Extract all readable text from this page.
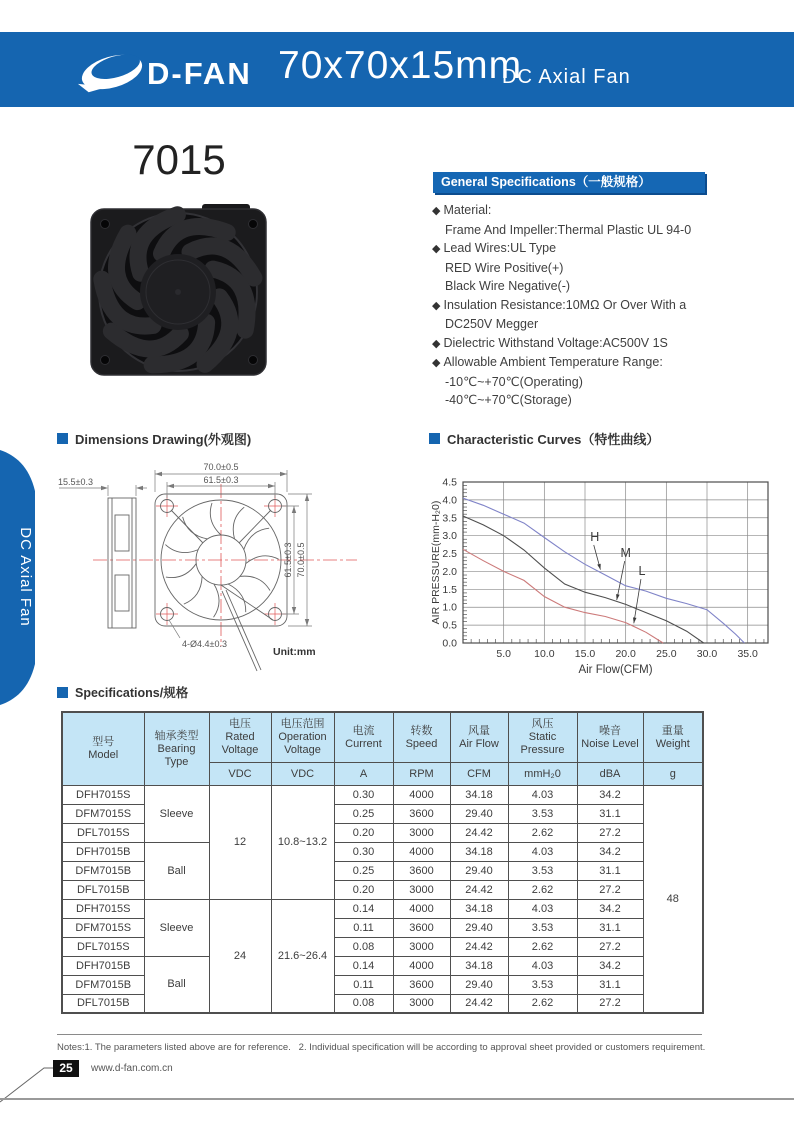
D-FAN 70x70x15mm
DC Axial Fan
DC Axial Fan
7015	General Specifications（一般规格）
◆ Material:
Frame And Impeller:Thermal Plastic UL 94-0
◆ Lead Wires:UL Type
RED Wire Positive(+)
Black Wire Negative(-)
◆ Insulation Resistance:10MΩ Or Over With a
DC250V Megger
◆ Dielectric Withstand Voltage:AC500V 1S
◆ Allowable Ambient Temperature Range:
-10℃~+70℃(Operating)
-40℃~+70℃(Storage)
Dimensions Drawing(外观图)	Characteristic Curves（特性曲线）
70.0±0.5
61.5±0.3
15.5±0.3
61.5±0.3 70.0±0.5
4-Ø4.4±0.3
Unit:mm	5.0 10.0 15.0 20.0 25.0 30.0 35.0
0.0
0.5
1.0
1.5
2.0
2.5
3.0
3.5
4.0
4.5
Air Flow(CFM)
AIR PRESSURE(mm-H₂0)	H
M
L
Specifications/规格
型号
Model

轴承类型
Bearing Type

电压
Rated Voltage

电压范围
Operation Voltage

电流
Current

转数
Speed

风量
Air Flow

风压
Static Pressure

噪音
Noise Level

重量
Weight

		VDC	VDC	A	RPM	CFM	mmH₂0	dBA	g
DFH7015S	Sleeve	12	10.8~13.2	0.30	4000	34.18	4.03	34.2	48
DFM7015S				0.25	3600	29.40	3.53	31.1	
DFL7015S				0.20	3000	24.42	2.62	27.2	
DFH7015B	Ball			0.30	4000	34.18	4.03	34.2	
DFM7015B				0.25	3600	29.40	3.53	31.1	
DFL7015B				0.20	3000	24.42	2.62	27.2	
DFH7015S	Sleeve	24	21.6~26.4	0.14	4000	34.18	4.03	34.2	
DFM7015S				0.11	3600	29.40	3.53	31.1	
DFL7015S				0.08	3000	24.42	2.62	27.2	
DFH7015B	Ball			0.14	4000	34.18	4.03	34.2	
DFM7015B				0.11	3600	29.40	3.53	31.1	
DFL7015B				0.08	3000	24.42	2.62	27.2	
Notes:1. The parameters listed above are for reference.   2. Individual specification will be according to approval sheet provided or customers requirement.
25	www.d-fan.com.cn
